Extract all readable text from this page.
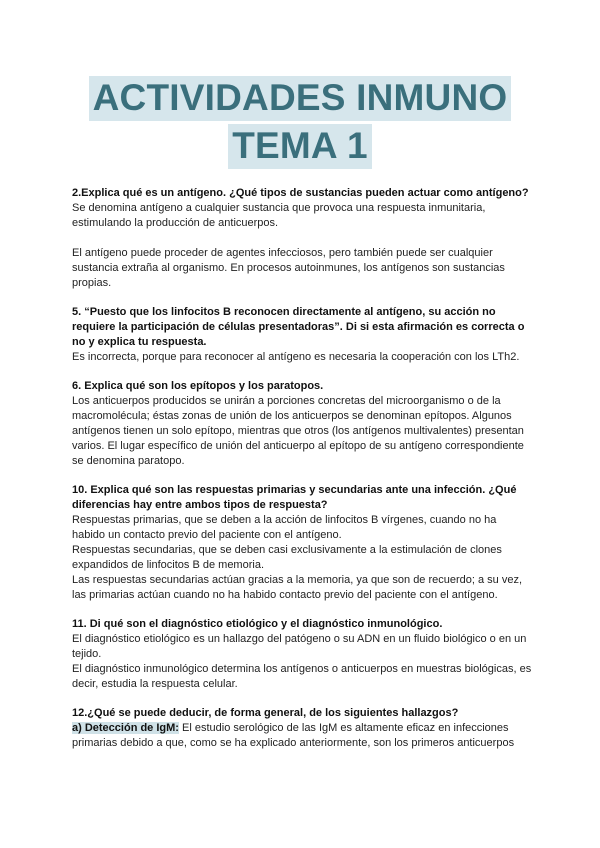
ACTIVIDADES INMUNO
TEMA 1

2.Explica qué es un antígeno. ¿Qué tipos de sustancias pueden actuar como antígeno?

Se denomina antígeno a cualquier sustancia que provoca una respuesta inmunitaria, estimulando la producción de anticuerpos.

El antígeno puede proceder de agentes infecciosos, pero también puede ser cualquier sustancia extraña al organismo. En procesos autoinmunes, los antígenos son sustancias propias.

5. “Puesto que los linfocitos B reconocen directamente al antígeno, su acción no requiere la participación de células presentadoras”. Di si esta afirmación es correcta o no y explica tu respuesta.

Es incorrecta, porque para reconocer al antígeno es necesaria la cooperación con los LTh2.

6. Explica qué son los epítopos y los paratopos.

Los anticuerpos producidos se unirán a porciones concretas del microorganismo o de la macromolécula; éstas zonas de unión de los anticuerpos se denominan epítopos. Algunos antígenos tienen un solo epítopo, mientras que otros (los antígenos multivalentes) presentan varios. El lugar específico de unión del anticuerpo al epítopo de su antígeno correspondiente se denomina paratopo.

10. Explica qué son las respuestas primarias y secundarias ante una infección. ¿Qué diferencias hay entre ambos tipos de respuesta?

Respuestas primarias, que se deben a la acción de linfocitos B vírgenes, cuando no ha habido un contacto previo del paciente con el antígeno.

Respuestas secundarias, que se deben casi exclusivamente a la estimulación de clones expandidos de linfocitos B de memoria.

Las respuestas secundarias actúan gracias a la memoria, ya que son de recuerdo; a su vez, las primarias actúan cuando no ha habido contacto previo del paciente con el antígeno.

11. Di qué son el diagnóstico etiológico y el diagnóstico inmunológico.

El diagnóstico etiológico es un hallazgo del patógeno o su ADN en un fluido biológico o en un tejido.

El diagnóstico inmunológico determina los antígenos o anticuerpos en muestras biológicas, es decir, estudia la respuesta celular.

12.¿Qué se puede deducir, de forma general, de los siguientes hallazgos?

a) Detección de IgM: El estudio serológico de las IgM es altamente eficaz en infecciones primarias debido a que, como se ha explicado anteriormente, son los primeros anticuerpos
